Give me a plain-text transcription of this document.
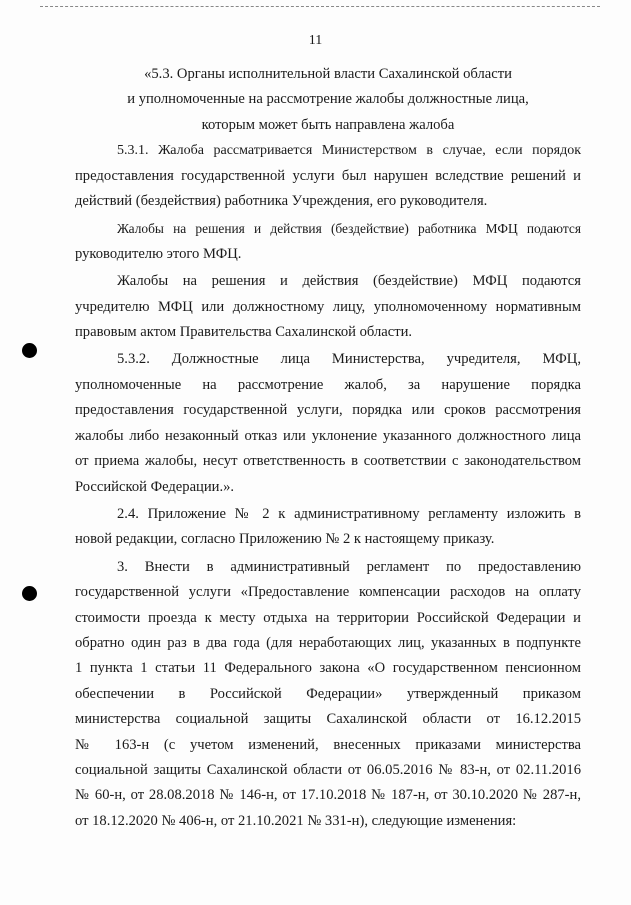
11
«5.3. Органы исполнительной власти Сахалинской области
и уполномоченные на рассмотрение жалобы должностные лица,
которым может быть направлена жалоба
5.3.1. Жалоба рассматривается Министерством в случае, если порядок
предоставления государственной услуги был нарушен вследствие решений и
действий (бездействия) работника Учреждения, его руководителя.
Жалобы на решения и действия (бездействие) работника МФЦ подаются
руководителю этого МФЦ.
Жалобы на решения и действия (бездействие) МФЦ подаются
учредителю МФЦ или должностному лицу, уполномоченному нормативным
правовым актом Правительства Сахалинской области.
5.3.2. Должностные лица Министерства, учредителя, МФЦ,
уполномоченные на рассмотрение жалоб, за нарушение порядка
предоставления государственной услуги, порядка или сроков рассмотрения
жалобы либо незаконный отказ или уклонение указанного должностного лица
от приема жалобы, несут ответственность в соответствии с законодательством
Российской Федерации.».
2.4. Приложение № 2 к административному регламенту изложить в
новой редакции, согласно Приложению № 2 к настоящему приказу.
3. Внести в административный регламент по предоставлению
государственной услуги «Предоставление компенсации расходов на оплату
стоимости проезда к месту отдыха на территории Российской Федерации и
обратно один раз в два года (для неработающих лиц, указанных в подпункте
1 пункта 1 статьи 11 Федерального закона «О государственном пенсионном
обеспечении в Российской Федерации» утвержденный приказом
министерства социальной защиты Сахалинской области от 16.12.2015
№ 163-н (с учетом изменений, внесенных приказами министерства
социальной защиты Сахалинской области от 06.05.2016 № 83-н, от 02.11.2016
№ 60-н, от 28.08.2018 № 146-н, от 17.10.2018 № 187-н, от 30.10.2020 № 287-н,
от 18.12.2020 № 406-н, от 21.10.2021 № 331-н), следующие изменения:
